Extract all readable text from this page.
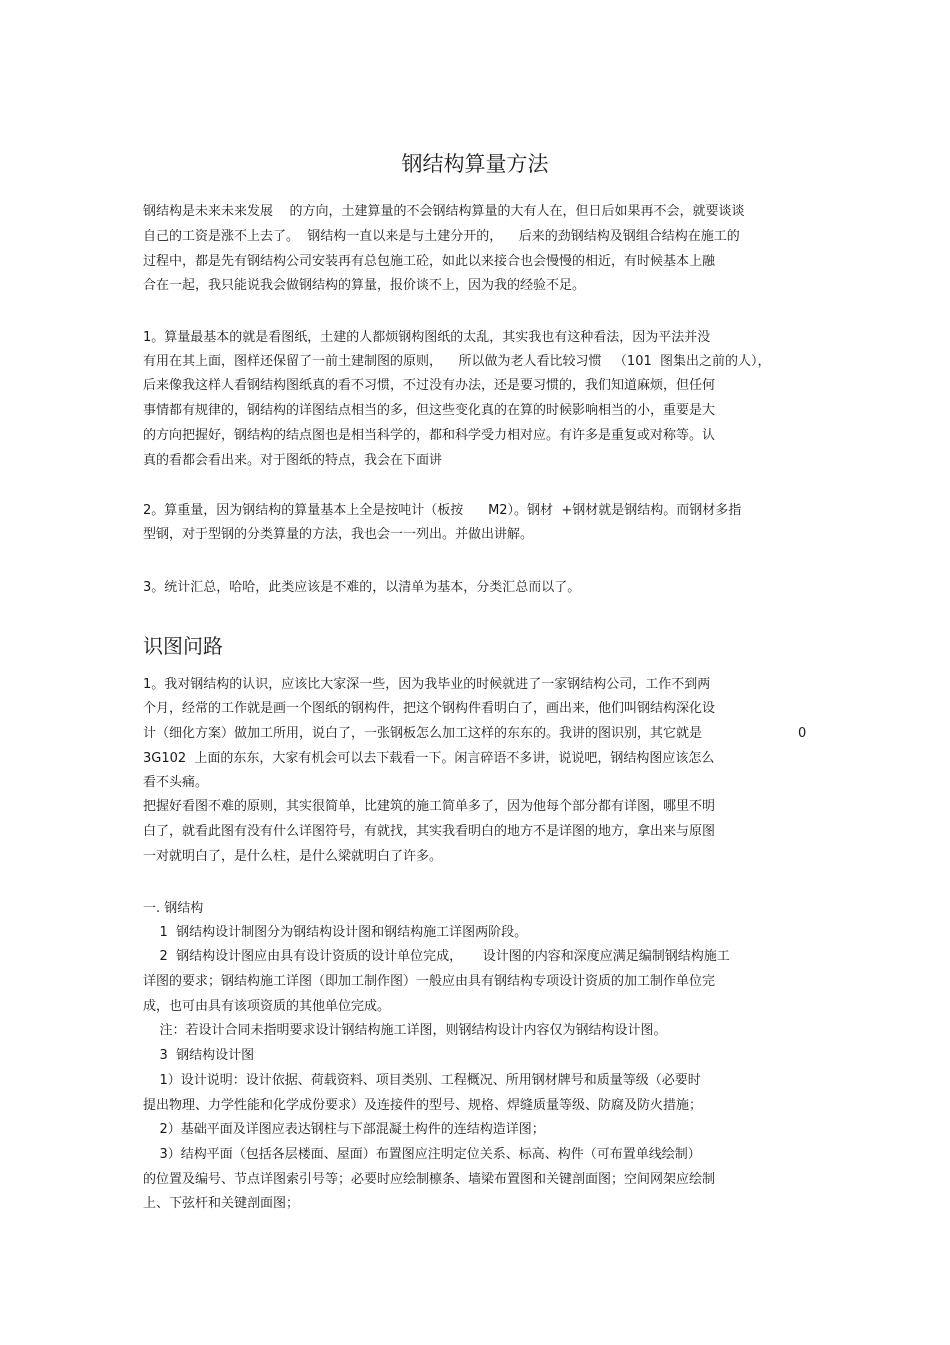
钢结构算量方法
钢结构是未来未来发展    的方向，土建算量的不会钢结构算量的大有人在，但日后如果再不会，就要谈谈
自己的工资是涨不上去了。  钢结构一直以来是与土建分开的，    后来的劲钢结构及钢组合结构在施工的
过程中，都是先有钢结构公司安装再有总包施工砼，如此以来接合也会慢慢的相近，有时候基本上融
合在一起，我只能说我会做钢结构的算量，报价谈不上，因为我的经验不足。
1。算量最基本的就是看图纸，土建的人都烦钢构图纸的太乱，其实我也有这种看法，因为平法并没
有用在其上面，图样还保留了一前土建制图的原则，    所以做为老人看比较习惯   （101  图集出之前的人），
后来像我这样人看钢结构图纸真的看不习惯，不过没有办法，还是要习惯的，我们知道麻烦，但任何
事情都有规律的，钢结构的详图结点相当的多，但这些变化真的在算的时候影响相当的小，重要是大
的方向把握好，钢结构的结点图也是相当科学的，都和科学受力相对应。有许多是重复或对称等。认
真的看都会看出来。对于图纸的特点，我会在下面讲
2。算重量，因为钢结构的算量基本上全是按吨计（板按      M2）。钢材  +钢材就是钢结构。而钢材多指
型钢，对于型钢的分类算量的方法，我也会一一列出。并做出讲解。
3。统计汇总，哈哈，此类应该是不难的，以清单为基本，分类汇总而以了。
识图问路
1。我对钢结构的认识，应该比大家深一些，因为我毕业的时候就进了一家钢结构公司，工作不到两
个月，经常的工作就是画一个图纸的钢构件，把这个钢构件看明白了，画出来，他们叫钢结构深化设
计（细化方案）做加工所用，说白了，一张钢板怎么加工这样的东东的。我讲的图识别，其它就是	0
3G102  上面的东东，大家有机会可以去下载看一下。闲言碎语不多讲，说说吧，钢结构图应该怎么
看不头痛。
把握好看图不难的原则，其实很简单，比建筑的施工简单多了，因为他每个部分都有详图，哪里不明
白了，就看此图有没有什么详图符号，有就找，其实我看明白的地方不是详图的地方，拿出来与原图
一对就明白了，是什么柱，是什么梁就明白了许多。
一. 钢结构
1  钢结构设计制图分为钢结构设计图和钢结构施工详图两阶段。
2  钢结构设计图应由具有设计资质的设计单位完成，     设计图的内容和深度应满足编制钢结构施工
详图的要求；钢结构施工详图（即加工制作图）一般应由具有钢结构专项设计资质的加工制作单位完
成，也可由具有该项资质的其他单位完成。
注：若设计合同未指明要求设计钢结构施工详图，则钢结构设计内容仅为钢结构设计图。
3  钢结构设计图
1）设计说明：设计依据、荷载资料、项目类别、工程概况、所用钢材牌号和质量等级（必要时
提出物理、力学性能和化学成份要求）及连接件的型号、规格、焊缝质量等级、防腐及防火措施；
2）基础平面及详图应表达钢柱与下部混凝土构件的连结构造详图；
3）结构平面（包括各层楼面、屋面）布置图应注明定位关系、标高、构件（可布置单线绘制）
的位置及编号、节点详图索引号等；必要时应绘制檩条、墙梁布置图和关键剖面图；空间网架应绘制
上、下弦杆和关键剖面图；
